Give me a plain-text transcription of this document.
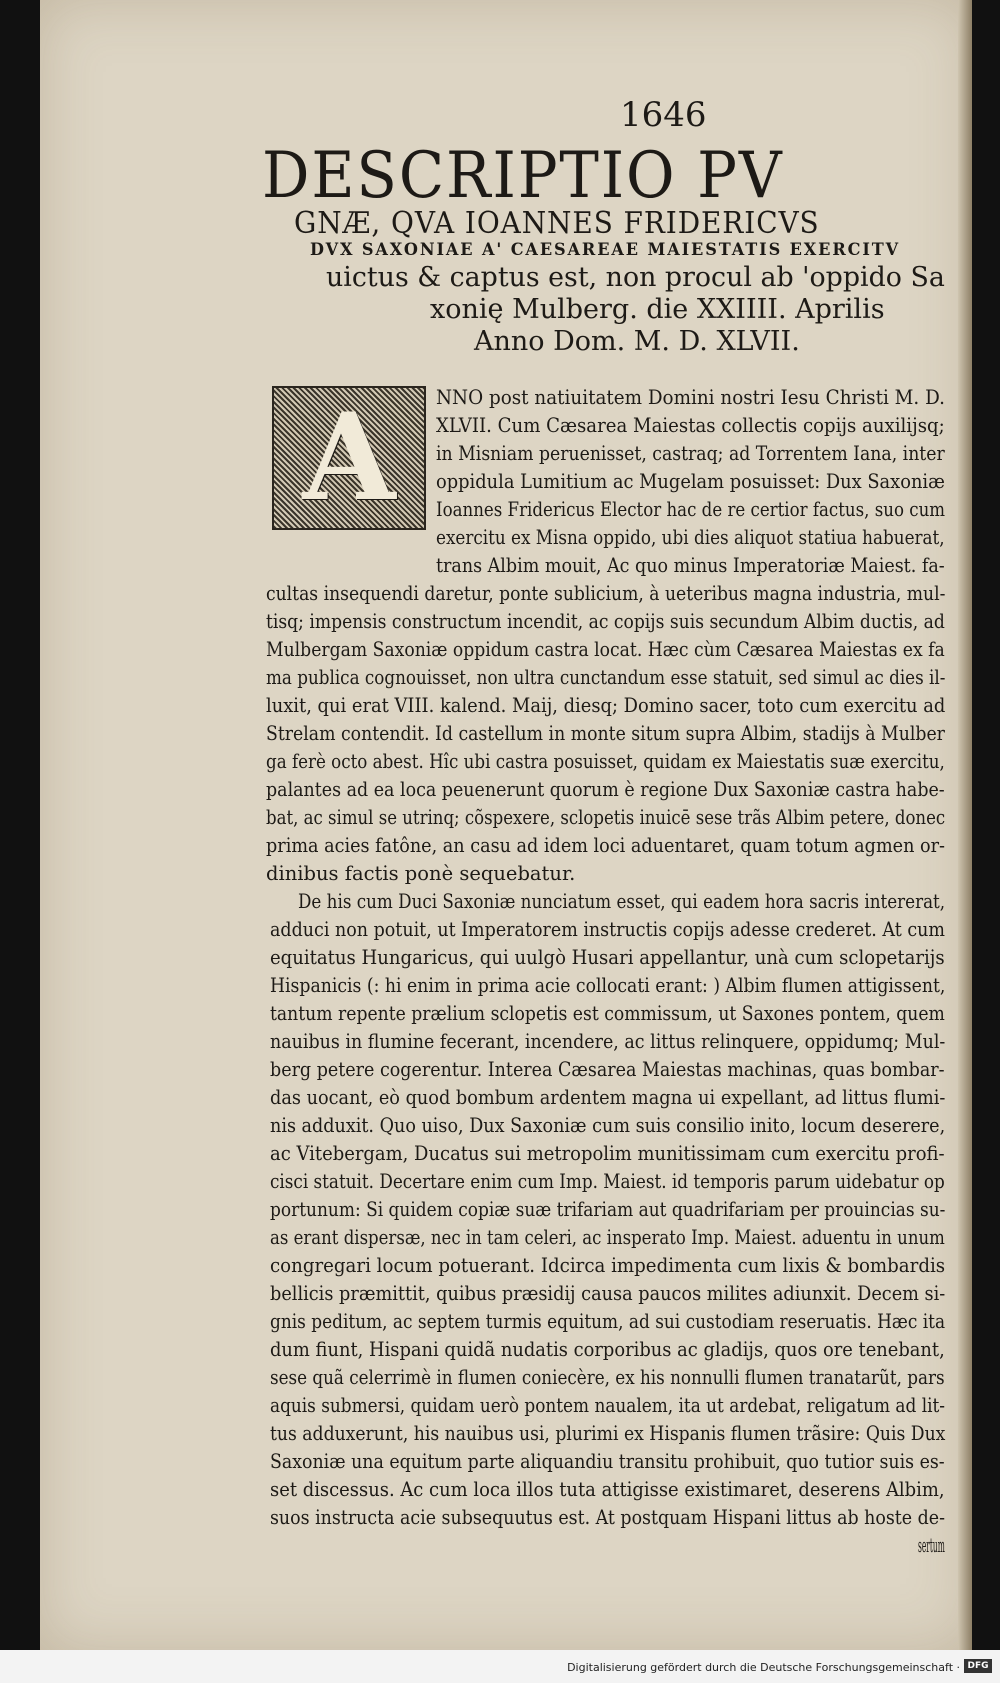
1646
DESCRIPTIO PV
GNÆ, QVA IOANNES FRIDERICVS
DVX SAXONIAE A' CAESAREAE MAIESTATIS EXERCITV
uictus & captus est, non procul ab 'oppido Sa
xonię Mulberg. die XXIIII. Aprilis
Anno Dom. M. D. XLVII.
A	NNO post natiuitatem Domini nostri Iesu Christi M. D.
XLVII. Cum Cæsarea Maiestas collectis copijs auxilijsq;
in Misniam peruenisset, castraq; ad Torrentem Iana, inter
oppidula Lumitium ac Mugelam posuisset: Dux Saxoniæ
Ioannes Fridericus Elector hac de re certior factus, suo cum
exercitu ex Misna oppido, ubi dies aliquot statiua habuerat,
trans Albim mouit, Ac quo minus Imperatoriæ Maiest. fa-
cultas insequendi daretur, ponte sublicium, à ueteribus magna industria, mul-
tisq; impensis constructum incendit, ac copijs suis secundum Albim ductis, ad
Mulbergam Saxoniæ oppidum castra locat. Hæc cùm Cæsarea Maiestas ex fa
ma publica cognouisset, non ultra cunctandum esse statuit, sed simul ac dies il-
luxit, qui erat VIII. kalend. Maij, diesq; Domino sacer, toto cum exercitu ad
Strelam contendit. Id castellum in monte situm supra Albim, stadijs à Mulber
ga ferè octo abest. Hîc ubi castra posuisset, quidam ex Maiestatis suæ exercitu,
palantes ad ea loca peuenerunt quorum è regione Dux Saxoniæ castra habe-
bat, ac simul se utrinq; cõspexere, sclopetis inuicē sese trãs Albim petere, donec
prima acies fatône, an casu ad idem loci aduentaret, quam totum agmen or-
dinibus factis ponè sequebatur.
De his cum Duci Saxoniæ nunciatum esset, qui eadem hora sacris intererat,
adduci non potuit, ut Imperatorem instructis copijs adesse crederet. At cum
equitatus Hungaricus, qui uulgò Husari appellantur, unà cum sclopetarijs
Hispanicis (: hi enim in prima acie collocati erant: ) Albim flumen attigissent,
tantum repente prælium sclopetis est commissum, ut Saxones pontem, quem
nauibus in flumine fecerant, incendere, ac littus relinquere, oppidumq; Mul-
berg petere cogerentur. Interea Cæsarea Maiestas machinas, quas bombar-
das uocant, eò quod bombum ardentem magna ui expellant, ad littus flumi-
nis adduxit. Quo uiso, Dux Saxoniæ cum suis consilio inito, locum deserere,
ac Vitebergam, Ducatus sui metropolim munitissimam cum exercitu profi-
cisci statuit. Decertare enim cum Imp. Maiest. id temporis parum uidebatur op
portunum: Si quidem copiæ suæ trifariam aut quadrifariam per prouincias su-
as erant dispersæ, nec in tam celeri, ac insperato Imp. Maiest. aduentu in unum
congregari locum potuerant. Idcirca impedimenta cum lixis & bombardis
bellicis præmittit, quibus præsidij causa paucos milites adiunxit. Decem si-
gnis peditum, ac septem turmis equitum, ad sui custodiam reseruatis. Hæc ita
dum fiunt, Hispani quidã nudatis corporibus ac gladijs, quos ore tenebant,
sese quã celerrimè in flumen coniecère, ex his nonnulli flumen tranatarũt, pars
aquis submersi, quidam uerò pontem naualem, ita ut ardebat, religatum ad lit-
tus adduxerunt, his nauibus usi, plurimi ex Hispanis flumen trãsire: Quis Dux
Saxoniæ una equitum parte aliquandiu transitu prohibuit, quo tutior suis es-
set discessus. Ac cum loca illos tuta attigisse existimaret, deserens Albim,
suos instructa acie subsequutus est. At postquam Hispani littus ab hoste de-
sertum
Digitalisierung gefördert durch die Deutsche Forschungsgemeinschaft · DFG
